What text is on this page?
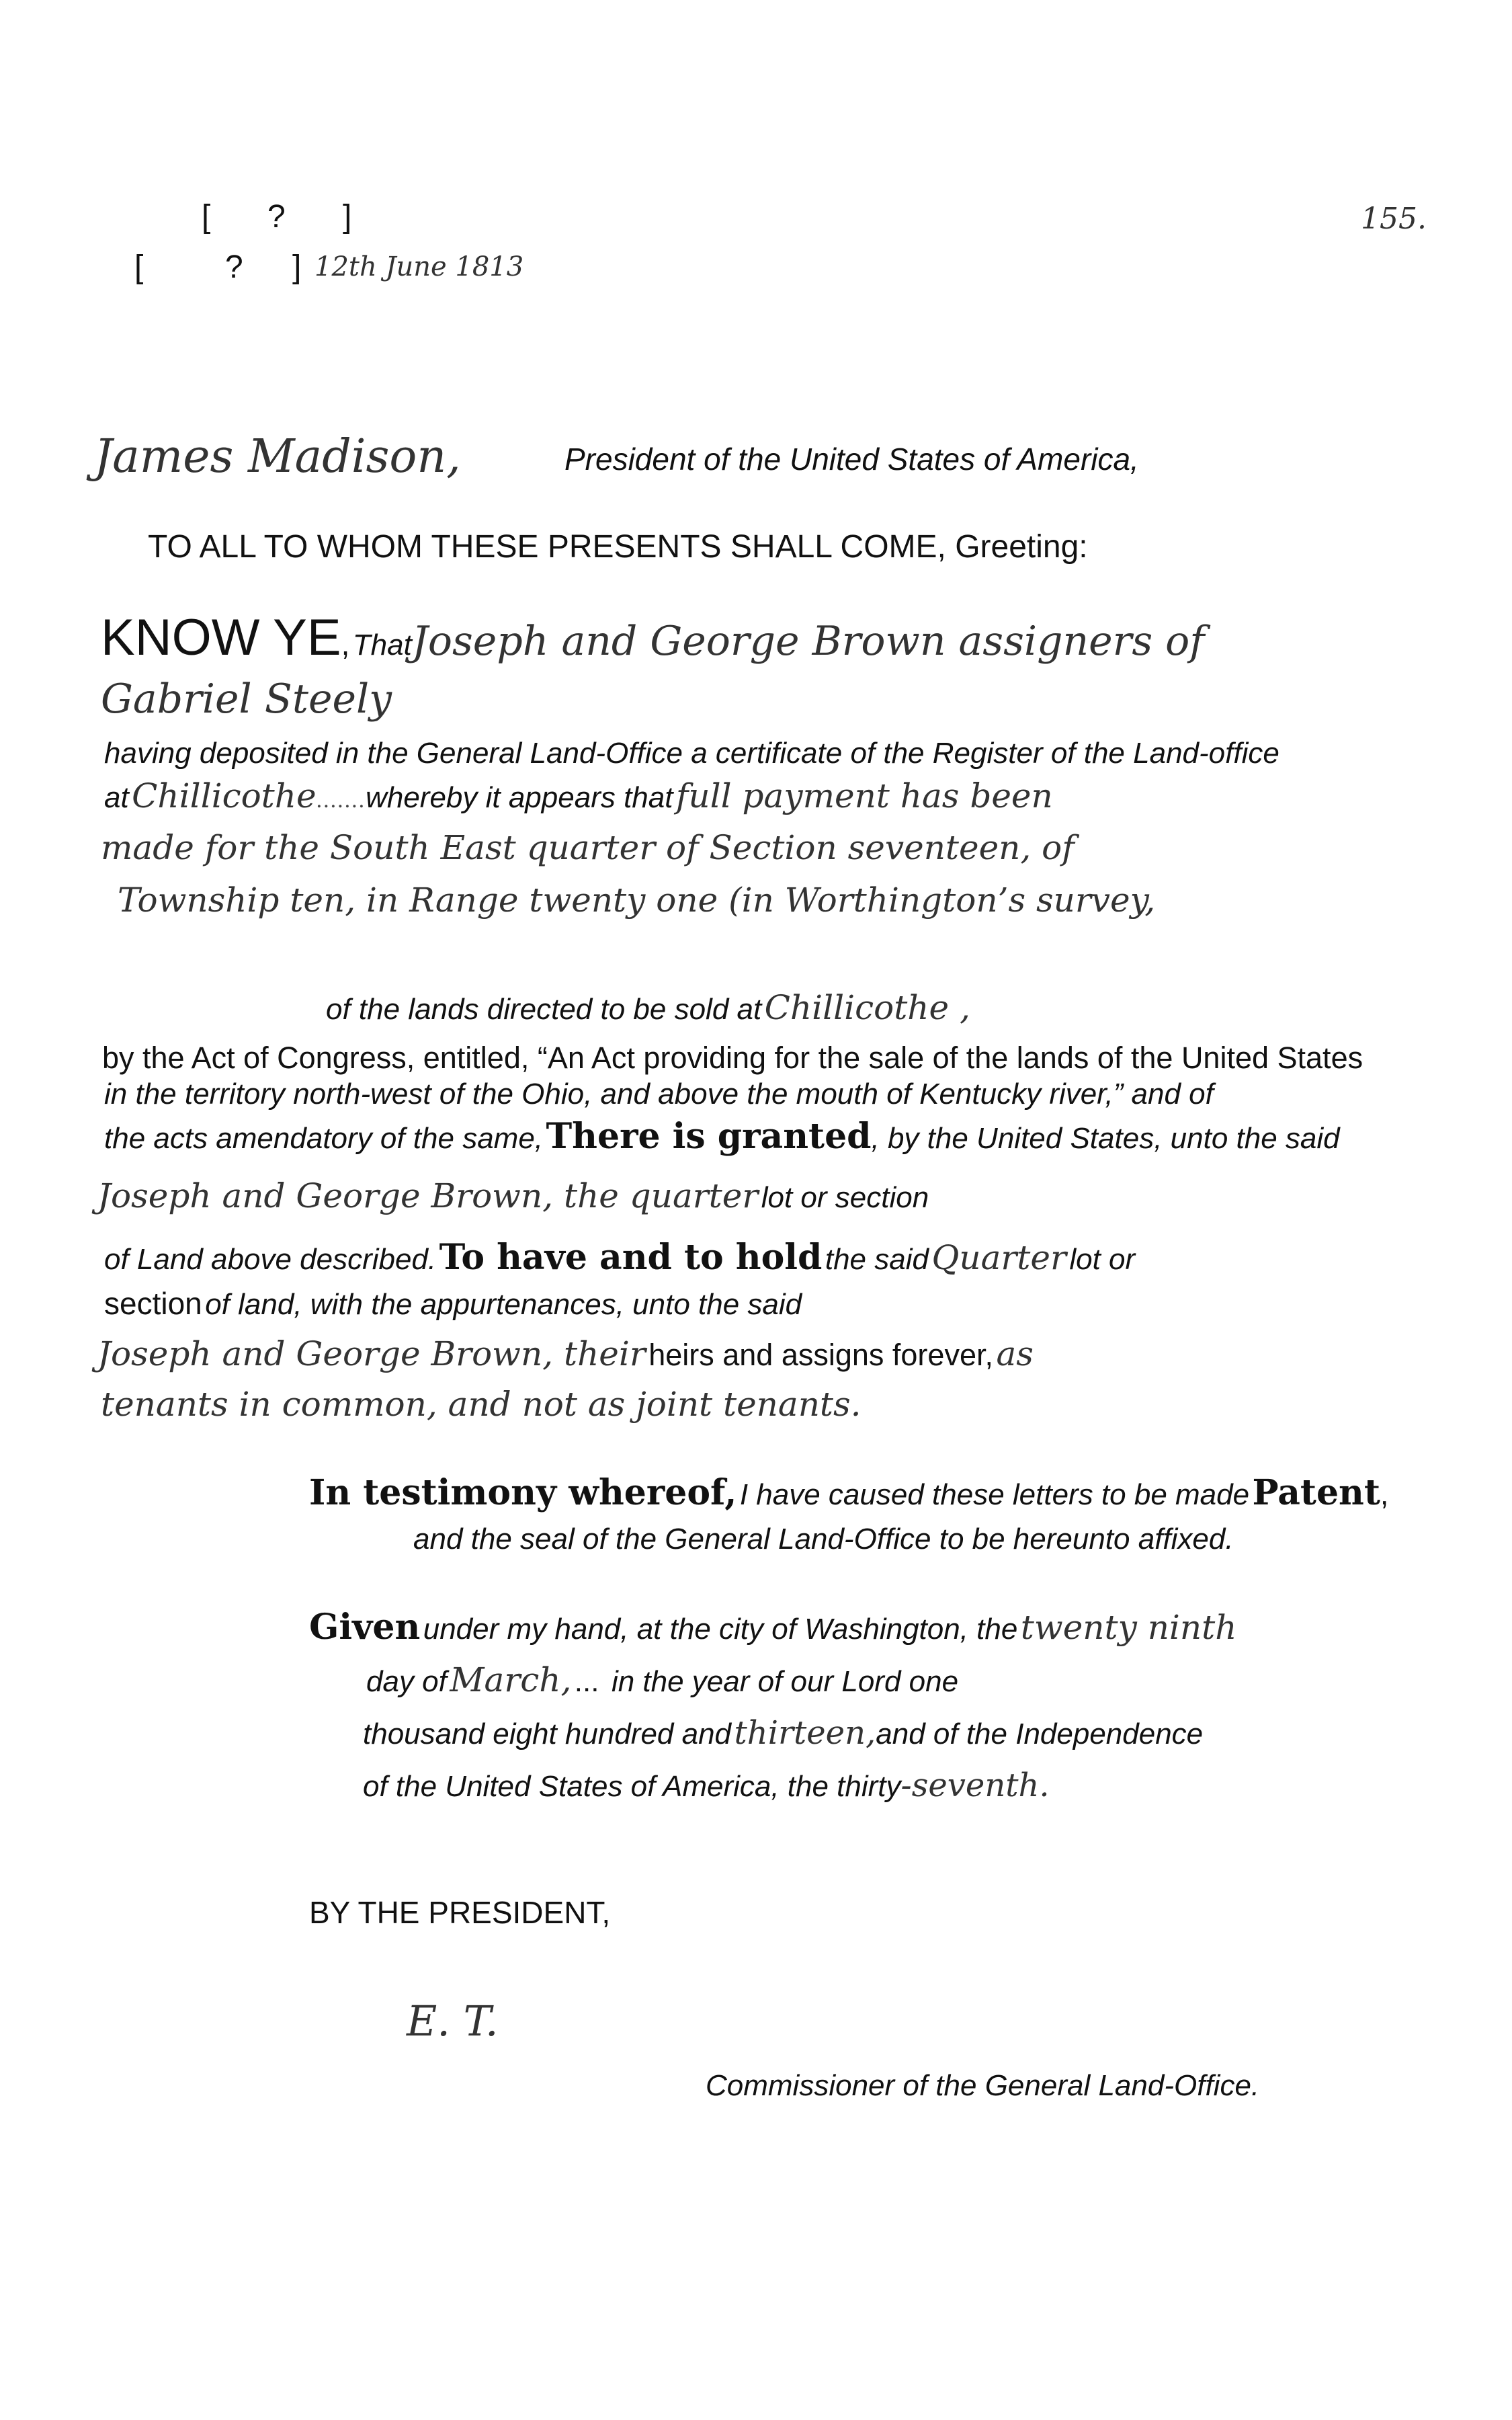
[ ? ]
[	? ] 12th June 1813
155.
James Madison,	President of the United States of America,
TO ALL TO WHOM THESE PRESENTS SHALL COME, Greeting:
KNOW YE, ThatJoseph and George Brown assigners of
Gabriel Steely
having deposited in the General Land-Office a certificate of the Register of the Land-office
at Chillicothe.......whereby it appears that full payment has been
made for the South East quarter of Section seventeen, of
Township ten, in Range twenty one (in Worthington’s survey,
of the lands directed to be sold at Chillicothe ,
by the Act of Congress, entitled, “An Act providing for the sale of the lands of the United States
in the territory north-west of the Ohio, and above the mouth of Kentucky river,” and of
the acts amendatory of the same, There is granted, by the United States, unto the said
Joseph and George Brown, the quarter lot or section
of Land above described. To have and to hold the said Quarter lot or
section of land, with the appurtenances, unto the said
Joseph and George Brown, their heirs and assigns forever, as
tenants in common, and not as joint tenants.
In testimony whereof, I have caused these letters to be made Patent,
and the seal of the General Land-Office to be hereunto affixed.
Given under my hand, at the city of Washington, the twenty ninth
day of March, ... in the year of our Lord one
thousand eight hundred and thirteen,and of the Independence
of the United States of America, the thirty-seventh.
BY THE PRESIDENT,
E. T.
Commissioner of the General Land-Office.
